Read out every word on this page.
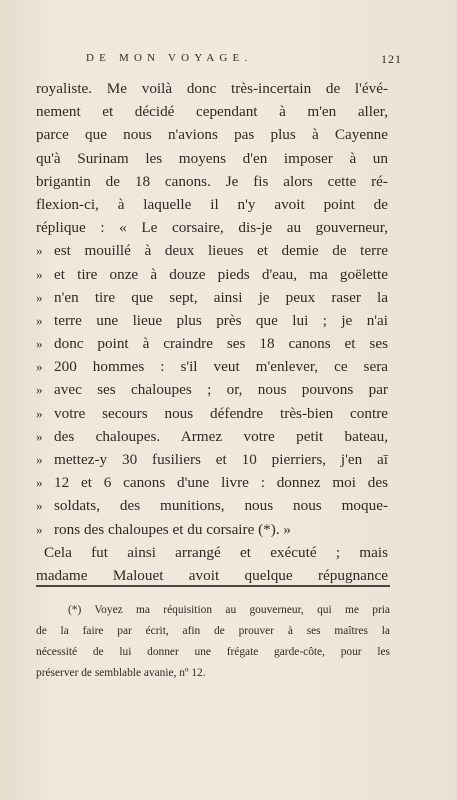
DE MON VOYAGE.	121
royaliste. Me voilà donc très-incertain de l'évé-
nement et décidé cependant à m'en aller,
parce que nous n'avions pas plus à Cayenne
qu'à Surinam les moyens d'en imposer à un
brigantin de 18 canons. Je fis alors cette ré-
flexion-ci, à laquelle il n'y avoit point de
réplique : « Le corsaire, dis-je au gouverneur,
» est mouillé à deux lieues et demie de terre
» et tire onze à douze pieds d'eau, ma goëlette
» n'en tire que sept, ainsi je peux raser la
» terre une lieue plus près que lui ; je n'ai
» donc point à craindre ses 18 canons et ses
» 200 hommes : s'il veut m'enlever, ce sera
» avec ses chaloupes ; or, nous pouvons par
» votre secours nous défendre très-bien contre
» des chaloupes. Armez votre petit bateau,
» mettez-y 30 fusiliers et 10 pierriers, j'en aī
» 12 et 6 canons d'une livre : donnez moi des
» soldats, des munitions, nous nous moque-
» rons des chaloupes et du corsaire (*). »
Cela fut ainsi arrangé et exécuté ; mais
madame Malouet avoit quelque répugnance
(*) Voyez ma réquisition au gouverneur, qui me pria
de la faire par écrit, afin de prouver à ses maîtres la
nécessité de lui donner une frégate garde-côte, pour les
préserver de semblable avanie, nº 12.
